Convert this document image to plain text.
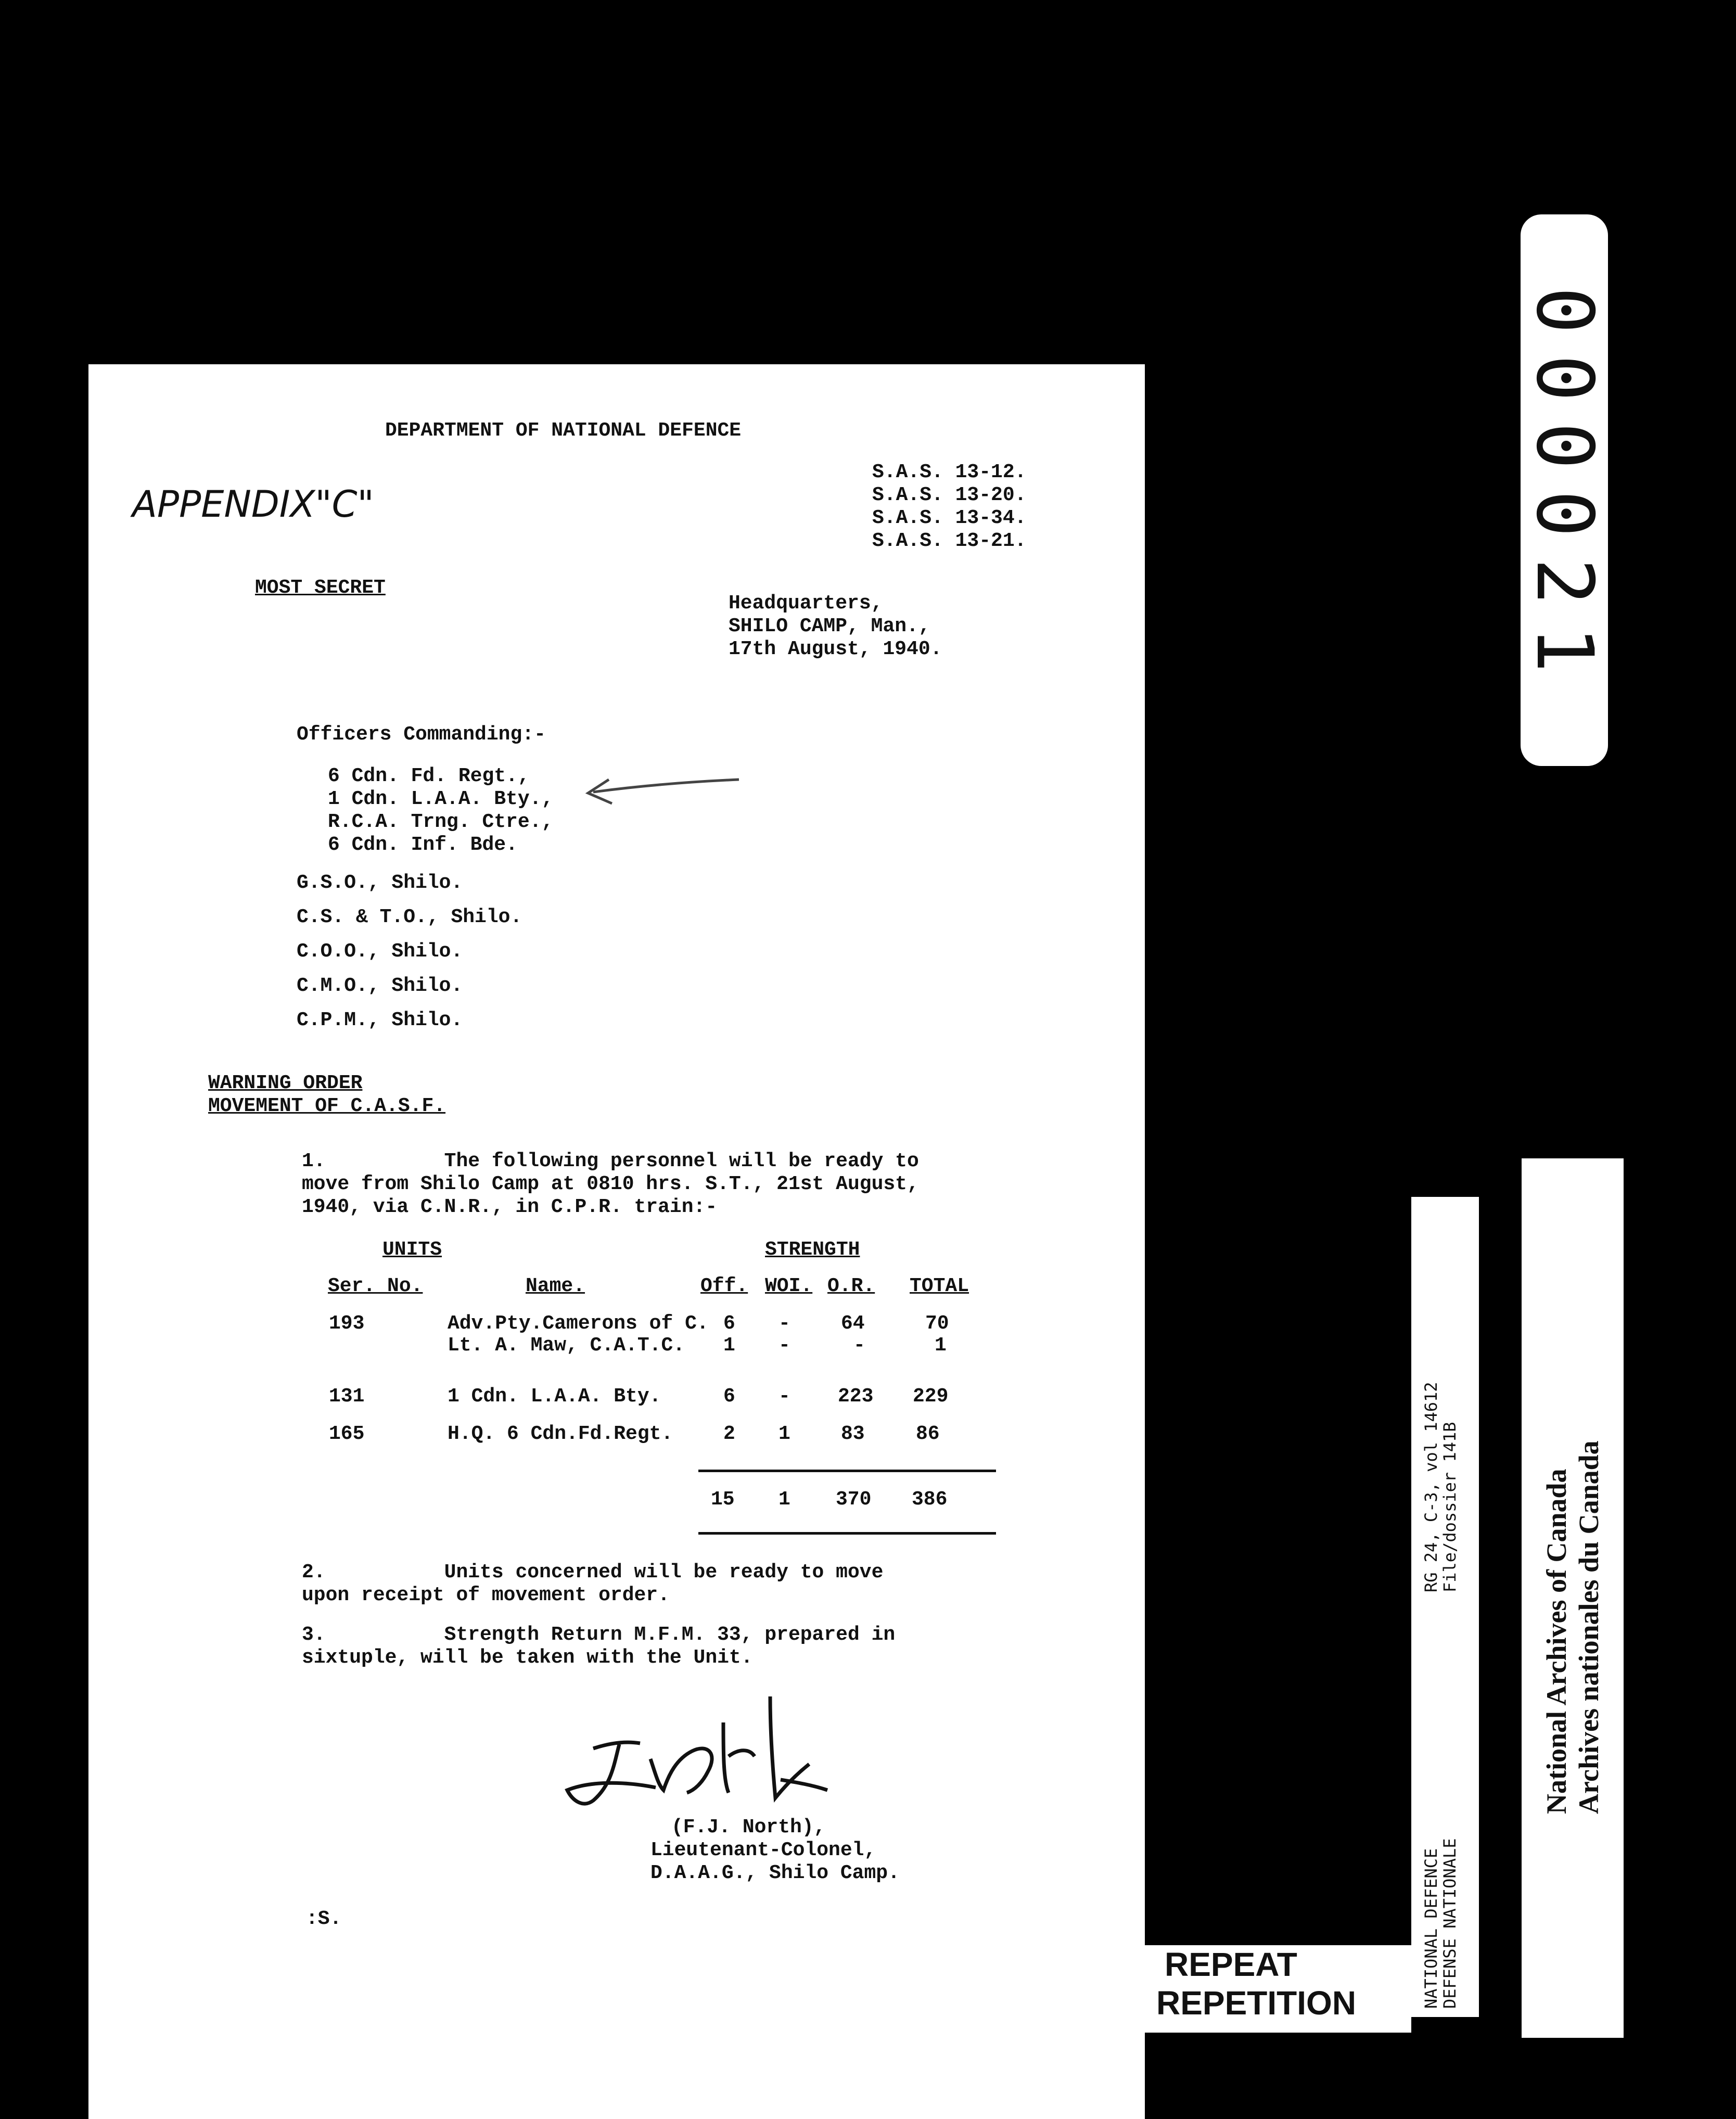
DEPARTMENT OF NATIONAL DEFENCE
APPENDIX"C"
S.A.S. 13-12.
S.A.S. 13-20.
S.A.S. 13-34.
S.A.S. 13-21.
MOST SECRET
Headquarters,
SHILO CAMP, Man.,
17th August, 1940.
Officers Commanding:-
6 Cdn. Fd. Regt.,
1 Cdn. L.A.A. Bty.,
R.C.A. Trng. Ctre.,
6 Cdn. Inf. Bde.
G.S.O., Shilo.
C.S. & T.O., Shilo.
C.O.O., Shilo.
C.M.O., Shilo.
C.P.M., Shilo.
WARNING ORDER
MOVEMENT OF C.A.S.F.
1.          The following personnel will be ready to
move from Shilo Camp at 0810 hrs. S.T., 21st August,
1940, via C.N.R., in C.P.R. train:-
UNITS	STRENGTH
Ser. No.	Name.	Off. WOI. O.R. TOTAL
193	Adv.Pty.Camerons of C. 6 -	64	70
Lt. A. Maw, C.A.T.C. 1 -	-	1
131	1 Cdn. L.A.A. Bty.	6 - 223 229
165	H.Q. 6 Cdn.Fd.Regt.	2 1	83	86
15 1 370 386
2.          Units concerned will be ready to move
upon receipt of movement order.
3.          Strength Return M.F.M. 33, prepared in
sixtuple, will be taken with the Unit.
(F.J. North),
Lieutenant-Colonel,
D.A.A.G., Shilo Camp.
:S.
000021
RG 24, C-3, vol 14612
File/dossier 141B
NATIONAL DEFENCE
DEFENSE NATIONALE
National Archives of Canada Archives nationales du Canada
REPEAT
REPETITION
